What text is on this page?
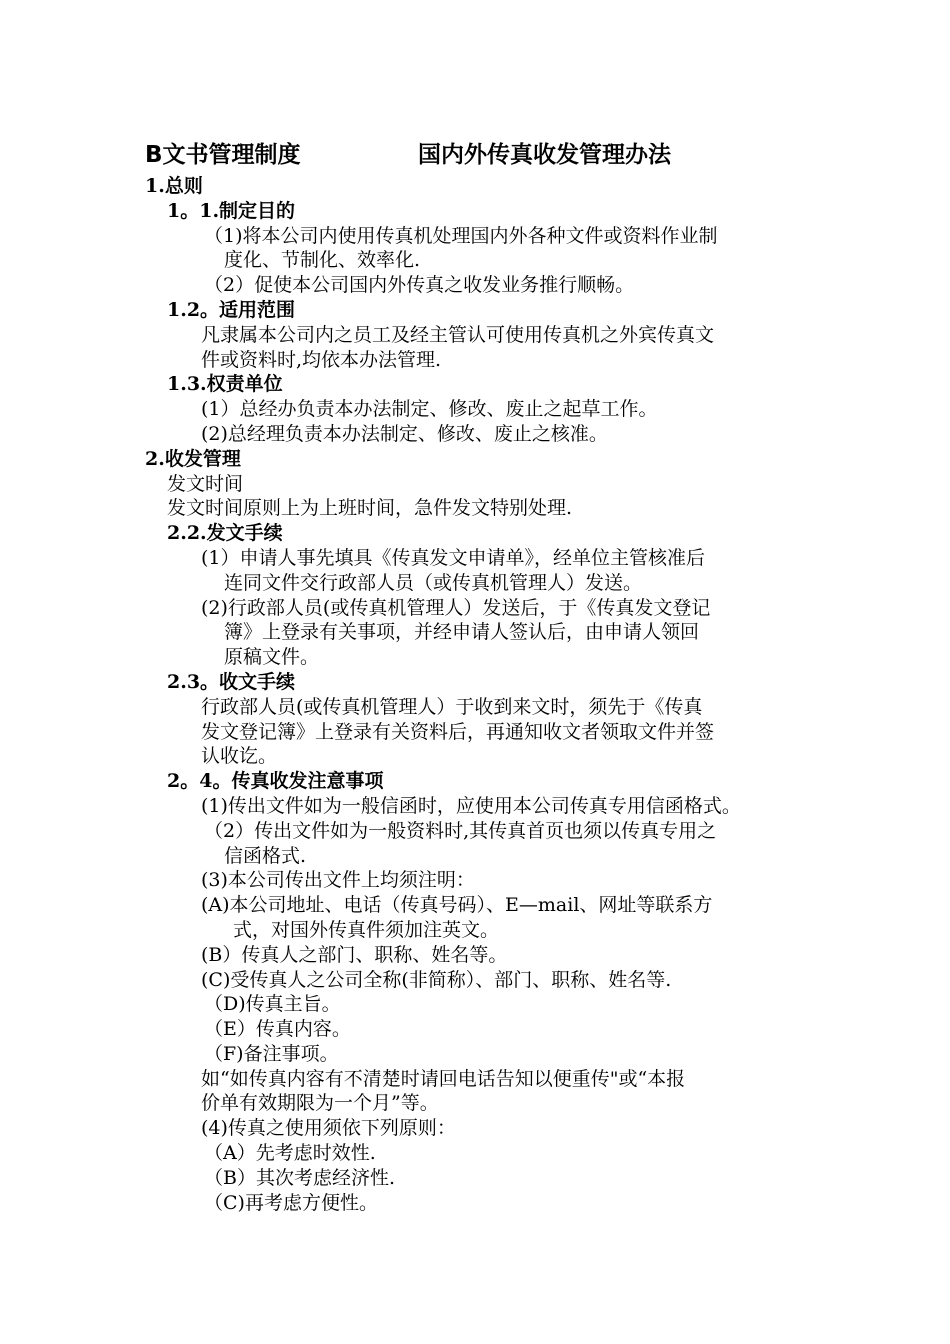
B文书管理制度	国内外传真收发管理办法
1.总则
1。1.制定目的
（1)将本公司内使用传真机处理国内外各种文件或资料作业制
度化、节制化、效率化.
（2）促使本公司国内外传真之收发业务推行顺畅。
1.2。适用范围
凡隶属本公司内之员工及经主管认可使用传真机之外宾传真文
件或资料时,均依本办法管理.
1.3.权责单位
(1）总经办负责本办法制定、修改、废止之起草工作。
(2)总经理负责本办法制定、修改、废止之核准。
2.收发管理
发文时间
发文时间原则上为上班时间，急件发文特别处理.
2.2.发文手续
(1）申请人事先填具《传真发文申请单》，经单位主管核准后
连同文件交行政部人员（或传真机管理人）发送。
(2)行政部人员(或传真机管理人）发送后，于《传真发文登记
簿》上登录有关事项，并经申请人签认后，由申请人领回
原稿文件。
2.3。收文手续
行政部人员(或传真机管理人）于收到来文时，须先于《传真
发文登记簿》上登录有关资料后，再通知收文者领取文件并签
认收讫。
2。4。传真收发注意事项
(1)传出文件如为一般信函时，应使用本公司传真专用信函格式。
（2）传出文件如为一般资料时,其传真首页也须以传真专用之
信函格式.
(3)本公司传出文件上均须注明：
(A)本公司地址、电话（传真号码）、E—mail、网址等联系方
式，对国外传真件须加注英文。
(B）传真人之部门、职称、姓名等。
(C)受传真人之公司全称(非简称）、部门、职称、姓名等.
（D)传真主旨。
（E）传真内容。
（F)备注事项。
如“如传真内容有不清楚时请回电话告知以便重传"或“本报
价单有效期限为一个月”等。
(4)传真之使用须依下列原则：
（A）先考虑时效性.
（B）其次考虑经济性.
（C)再考虑方便性。
